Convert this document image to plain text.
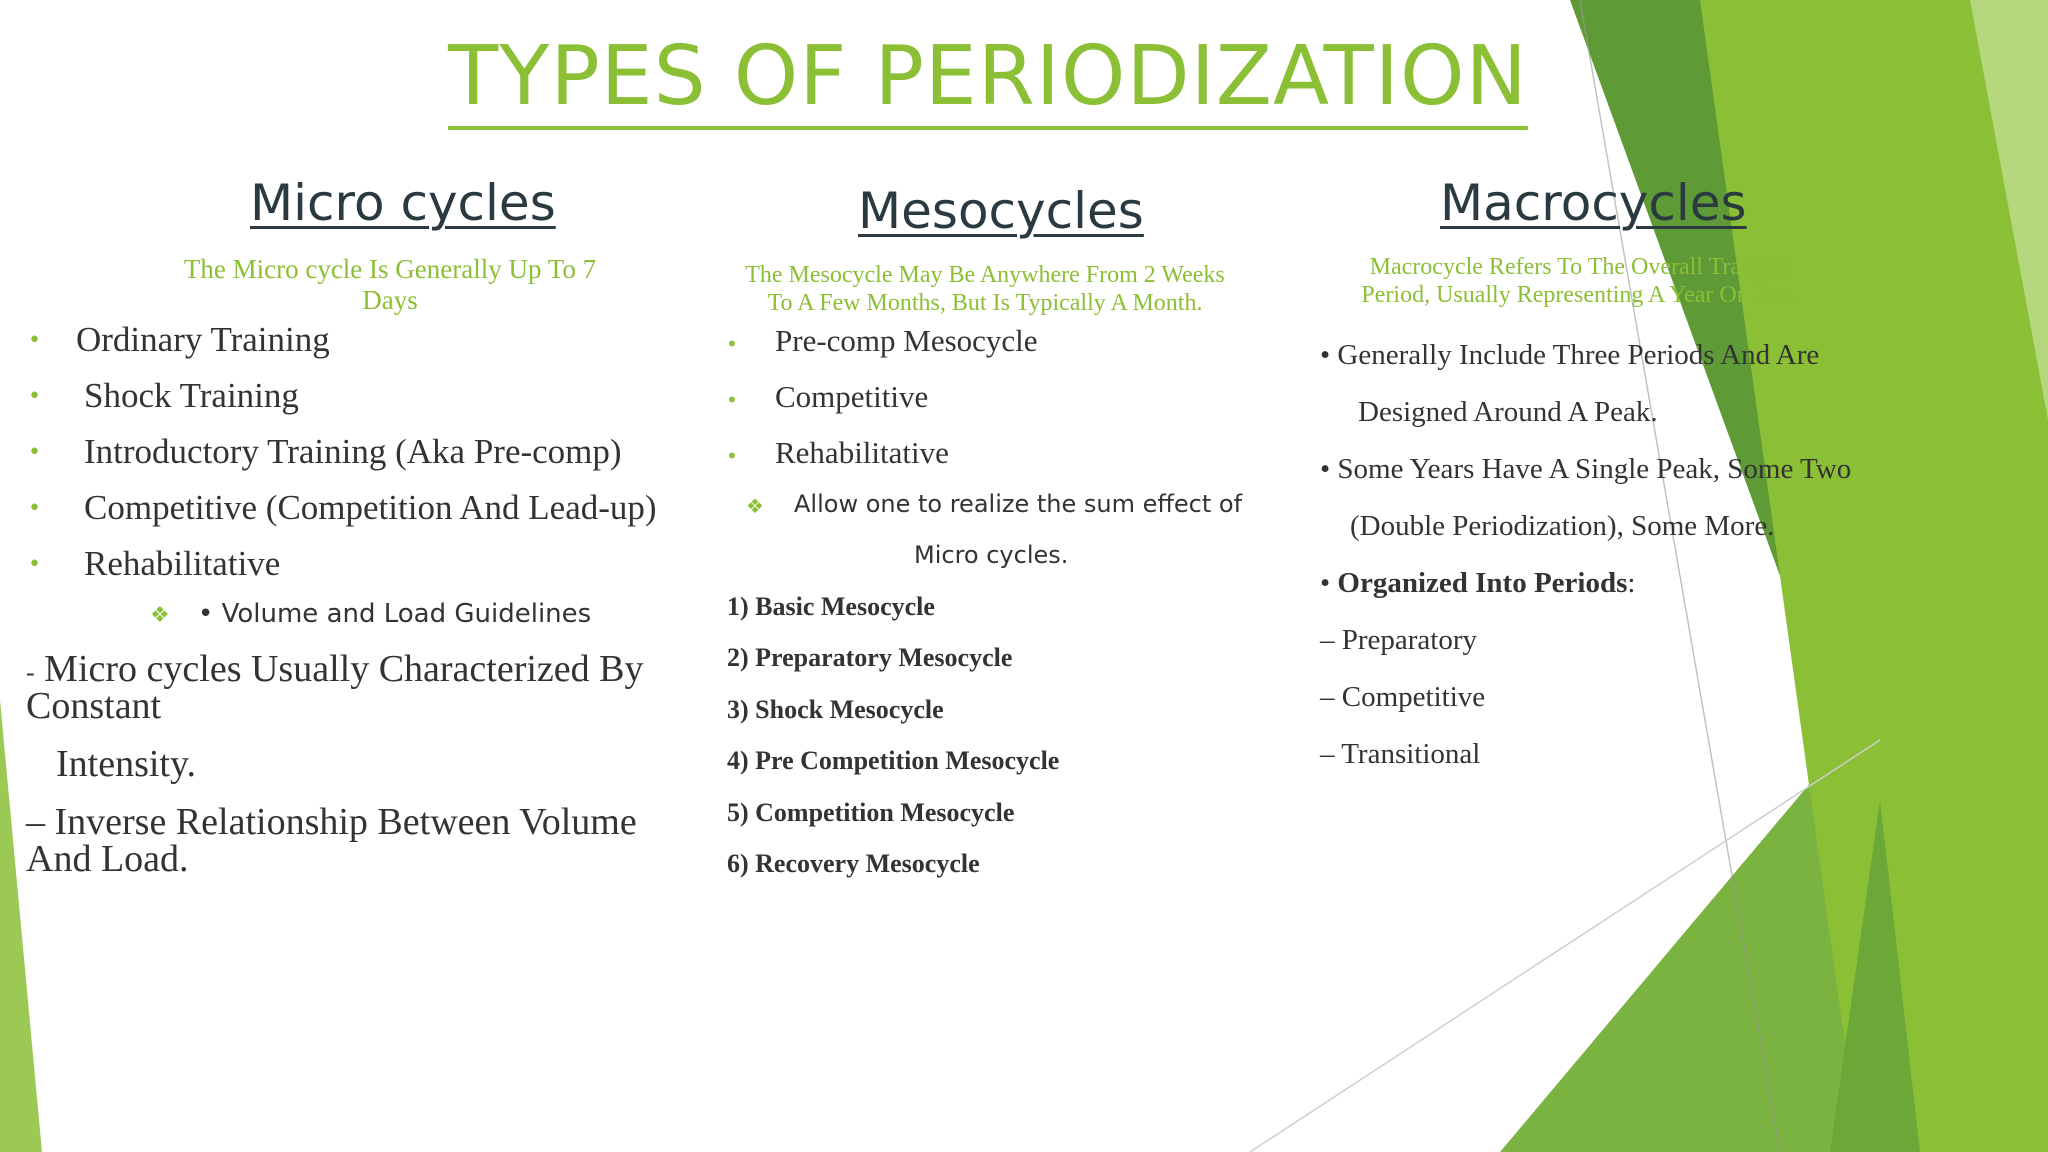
TYPES OF PERIODIZATION
Micro cycles
The Micro cycle Is Generally Up To 7
Days
• Ordinary Training
• Shock Training
• Introductory Training (Aka Pre-comp)
• Competitive (Competition And Lead-up)
• Rehabilitative
❖ • Volume and Load Guidelines
- Micro cycles Usually Characterized By
Constant
Intensity.
– Inverse Relationship Between Volume
And Load.
Mesocycles
The Mesocycle May Be Anywhere From 2 Weeks
To A Few Months, But Is Typically A Month.
• Pre-comp Mesocycle
• Competitive
• Rehabilitative
❖ Allow one to realize the sum effect of
Micro cycles.
1) Basic Mesocycle
2) Preparatory Mesocycle
3) Shock Mesocycle
4) Pre Competition Mesocycle
5) Competition Mesocycle
6) Recovery Mesocycle
Macrocycles
Macrocycle Refers To The Overall Training
Period, Usually Representing A Year Or Two.
• Generally Include Three Periods And Are
Designed Around A Peak.
• Some Years Have A Single Peak, Some Two
(Double Periodization), Some More.
• Organized Into Periods:
– Preparatory
– Competitive
– Transitional
